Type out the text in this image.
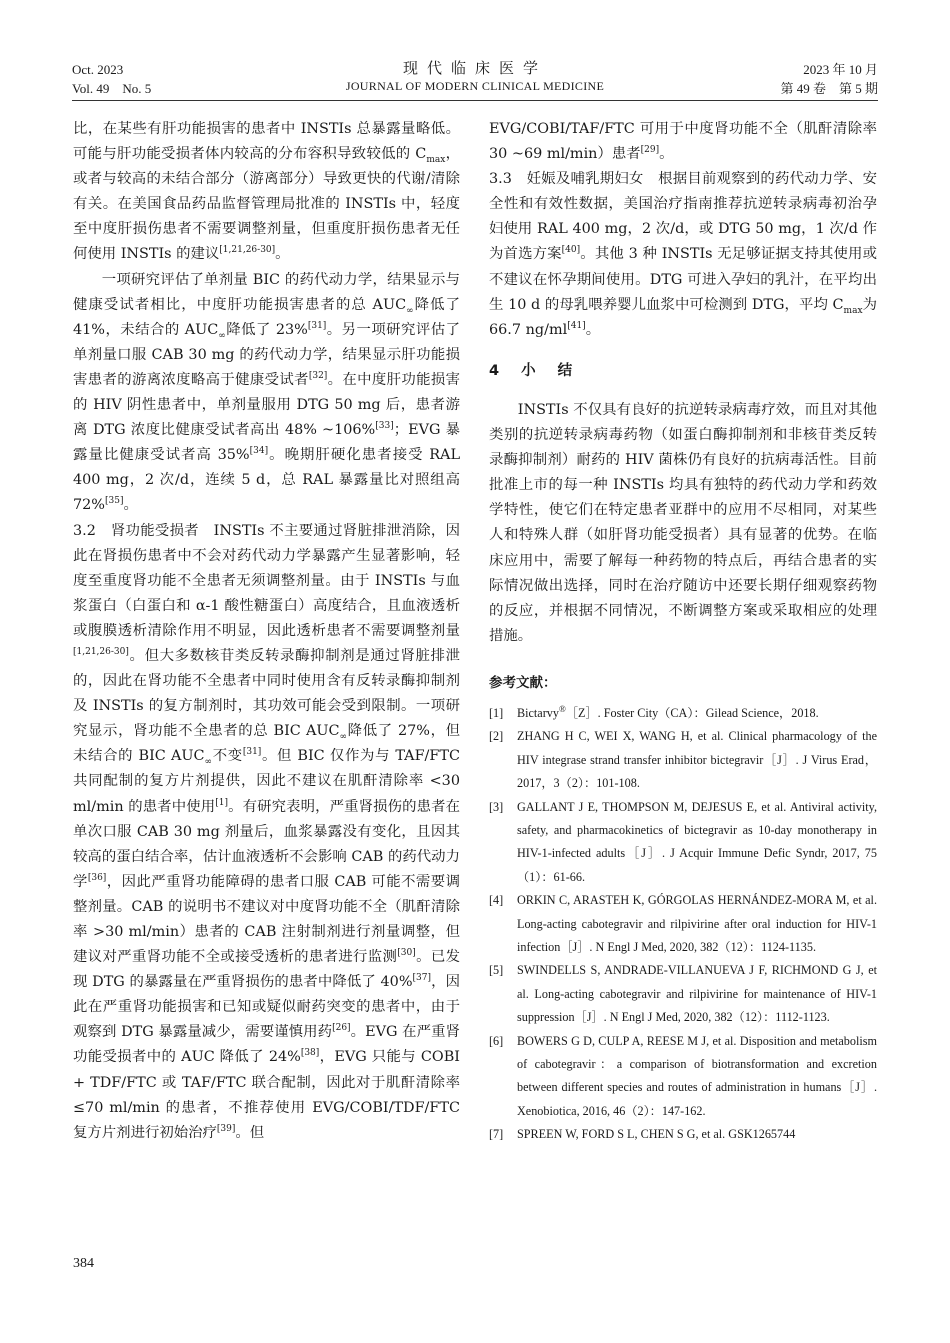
Oct. 2023
Vol. 49　No. 5
现代临床医学
JOURNAL OF MODERN CLINICAL MEDICINE
2023 年 10 月
第 49 卷　第 5 期

比，在某些有肝功能损害的患者中 INSTIs 总暴露量略低。可能与肝功能受损者体内较高的分布容积导致较低的 $C_{max}$，或者与较高的未结合部分（游离部分）导致更快的代谢/清除有关。在美国食品药品监督管理局批准的 INSTIs 中，轻度至中度肝损伤患者不需要调整剂量，但重度肝损伤患者无任何使用 INSTIs 的建议[1,21,26-30]。

一项研究评估了单剂量 BIC 的药代动力学，结果显示与健康受试者相比，中度肝功能损害患者的总 $AUC_\infty$降低了 41%，未结合的 $AUC_\infty$降低了 23%[31]。另一项研究评估了单剂量口服 CAB 30 mg 的药代动力学，结果显示肝功能损害患者的游离浓度略高于健康受试者[32]。在中度肝功能损害的 HIV 阴性患者中，单剂量服用 DTG 50 mg 后，患者游离 DTG 浓度比健康受试者高出 48% ~106%[33]；EVG 暴露量比健康受试者高 35%[34]。晚期肝硬化患者接受 RAL 400 mg，2 次/d，连续 5 d，总 RAL 暴露量比对照组高 72%[35]。

3.2　肾功能受损者　INSTIs 不主要通过肾脏排泄消除，因此在肾损伤患者中不会对药代动力学暴露产生显著影响，轻度至重度肾功能不全患者无须调整剂量。由于 INSTIs 与血浆蛋白（白蛋白和 α-1 酸性糖蛋白）高度结合，且血液透析或腹膜透析清除作用不明显，因此透析患者不需要调整剂量[1,21,26-30]。但大多数核苷类反转录酶抑制剂是通过肾脏排泄的，因此在肾功能不全患者中同时使用含有反转录酶抑制剂及 INSTIs 的复方制剂时，其功效可能会受到限制。一项研究显示，肾功能不全患者的总 BIC $AUC_\infty$降低了 27%，但未结合的 BIC $AUC_\infty$不变[31]。但 BIC 仅作为与 TAF/FTC 共同配制的复方片剂提供，因此不建议在肌酐清除率 <30 ml/min 的患者中使用[1]。有研究表明，严重肾损伤的患者在单次口服 CAB 30 mg 剂量后，血浆暴露没有变化，且因其较高的蛋白结合率，估计血液透析不会影响 CAB 的药代动力学[36]，因此严重肾功能障碍的患者口服 CAB 可能不需要调整剂量。CAB 的说明书不建议对中度肾功能不全（肌酐清除率 >30 ml/min）患者的 CAB 注射制剂进行剂量调整，但建议对严重肾功能不全或接受透析的患者进行监测[30]。已发现 DTG 的暴露量在严重肾损伤的患者中降低了 40%[37]，因此在严重肾功能损害和已知或疑似耐药突变的患者中，由于观察到 DTG 暴露量减少，需要谨慎用药[26]。EVG 在严重肾功能受损者中的 AUC 降低了 24%[38]，EVG 只能与 COBI + TDF/FTC 或 TAF/FTC 联合配制，因此对于肌酐清除率 ≤70 ml/min 的患者，不推荐使用 EVG/COBI/TDF/FTC 复方片剂进行初始治疗[39]。但

EVG/COBI/TAF/FTC 可用于中度肾功能不全（肌酐清除率 30 ~69 ml/min）患者[29]。

3.3　妊娠及哺乳期妇女　根据目前观察到的药代动力学、安全性和有效性数据，美国治疗指南推荐抗逆转录病毒初治孕妇使用 RAL 400 mg，2 次/d，或 DTG 50 mg，1 次/d 作为首选方案[40]。其他 3 种 INSTIs 无足够证据支持其使用或不建议在怀孕期间使用。DTG 可进入孕妇的乳汁，在平均出生 10 d 的母乳喂养婴儿血浆中可检测到 DTG，平均 $C_{max}$为 66.7 ng/ml[41]。

4 小结

INSTIs 不仅具有良好的抗逆转录病毒疗效，而且对其他类别的抗逆转录病毒药物（如蛋白酶抑制剂和非核苷类反转录酶抑制剂）耐药的 HIV 菌株仍有良好的抗病毒活性。目前批准上市的每一种 INSTIs 均具有独特的药代动力学和药效学特性，使它们在特定患者亚群中的应用不尽相同，对某些人和特殊人群（如肝肾功能受损者）具有显著的优势。在临床应用中，需要了解每一种药物的特点后，再结合患者的实际情况做出选择，同时在治疗随访中还要长期仔细观察药物的反应，并根据不同情况，不断调整方案或采取相应的处理措施。

参考文献：

[1]	Bictarvy®［Z］. Foster City（CA）：Gilead Science，2018.
[2]	ZHANG H C, WEI X, WANG H, et al. Clinical pharmacology of the HIV integrase strand transfer inhibitor bictegravir［J］. J Virus Erad，2017，3（2）：101-108.
[3]	GALLANT J E, THOMPSON M, DEJESUS E, et al. Antiviral activity, safety, and pharmacokinetics of bictegravir as 10-day monotherapy in HIV-1-infected adults［J］. J Acquir Immune Defic Syndr, 2017, 75（1）：61-66.
[4]	ORKIN C, ARASTEH K, GÓRGOLAS HERNÁNDEZ-MORA M, et al. Long-acting cabotegravir and rilpivirine after oral induction for HIV-1 infection［J］. N Engl J Med, 2020, 382（12）：1124-1135.
[5]	SWINDELLS S, ANDRADE-VILLANUEVA J F, RICHMOND G J, et al. Long-acting cabotegravir and rilpivirine for maintenance of HIV-1 suppression［J］. N Engl J Med, 2020, 382（12）：1112-1123.
[6]	BOWERS G D, CULP A, REESE M J, et al. Disposition and metabolism of cabotegravir：a comparison of biotransformation and excretion between different species and routes of administration in humans［J］. Xenobiotica, 2016, 46（2）：147-162.
[7]	SPREEN W, FORD S L, CHEN S G, et al. GSK1265744
384
